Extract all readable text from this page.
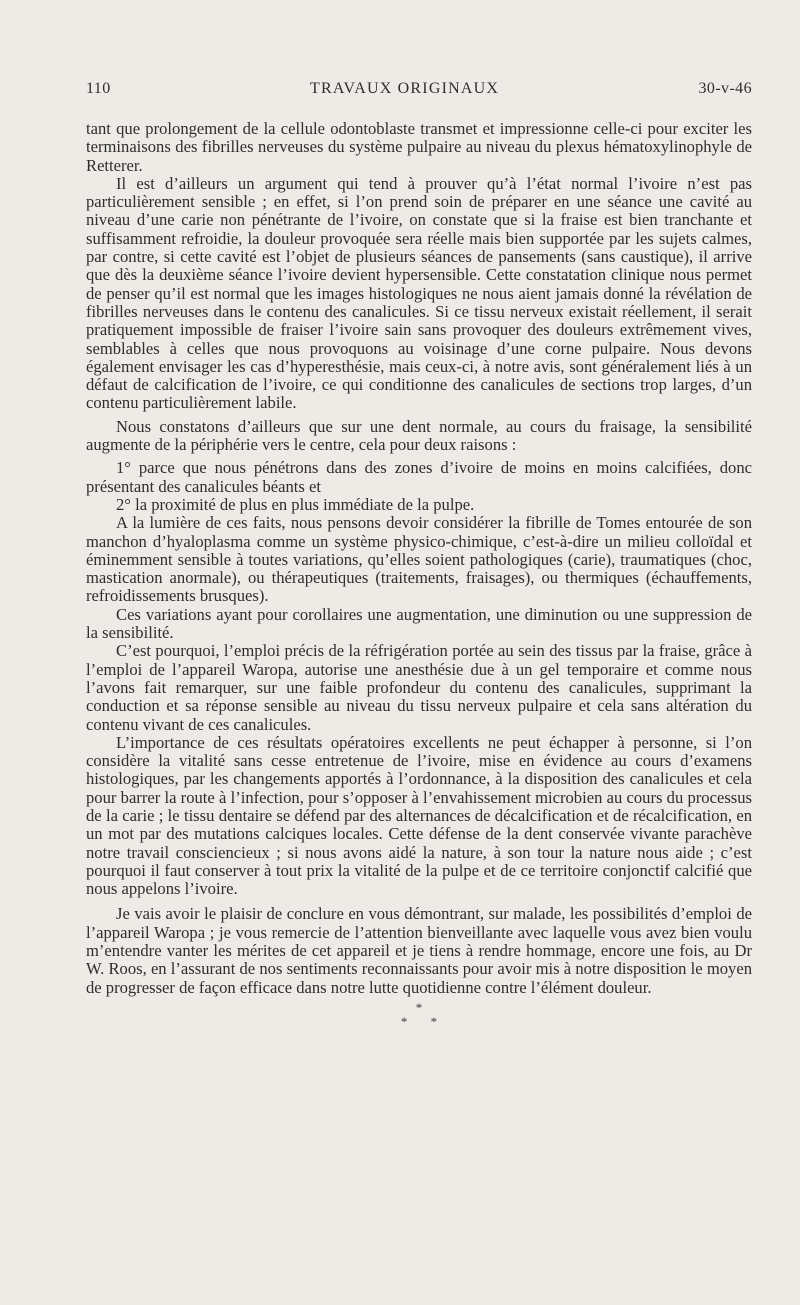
110	TRAVAUX ORIGINAUX	30-v-46

tant que prolongement de la cellule odontoblaste transmet et impressionne celle-ci pour exciter les terminaisons des fibrilles nerveuses du système pulpaire au niveau du plexus hématoxylinophyle de Retterer.

Il est d’ailleurs un argument qui tend à prouver qu’à l’état normal l’ivoire n’est pas particulièrement sensible ; en effet, si l’on prend soin de préparer en une séance une cavité au niveau d’une carie non pénétrante de l’ivoire, on constate que si la fraise est bien tranchante et suffisamment refroidie, la douleur provoquée sera réelle mais bien supportée par les sujets calmes, par contre, si cette cavité est l’objet de plusieurs séances de pansements (sans caustique), il arrive que dès la deuxième séance l’ivoire devient hypersensible. Cette constatation clinique nous permet de penser qu’il est normal que les images histologiques ne nous aient jamais donné la révélation de fibrilles nerveuses dans le contenu des canalicules. Si ce tissu nerveux existait réellement, il serait pratiquement impossible de fraiser l’ivoire sain sans provoquer des douleurs extrêmement vives, semblables à celles que nous provoquons au voisinage d’une corne pulpaire. Nous devons également envisager les cas d’hyperesthésie, mais ceux-ci, à notre avis, sont généralement liés à un défaut de calcification de l’ivoire, ce qui conditionne des canalicules de sections trop larges, d’un contenu particulièrement labile.

Nous constatons d’ailleurs que sur une dent normale, au cours du fraisage, la sensibilité augmente de la périphérie vers le centre, cela pour deux raisons :

1° parce que nous pénétrons dans des zones d’ivoire de moins en moins calcifiées, donc présentant des canalicules béants et

2° la proximité de plus en plus immédiate de la pulpe.

A la lumière de ces faits, nous pensons devoir considérer la fibrille de Tomes entourée de son manchon d’hyaloplasma comme un système physico-chimique, c’est-à-dire un milieu colloïdal et éminemment sensible à toutes variations, qu’elles soient pathologiques (carie), traumatiques (choc, mastication anormale), ou thérapeutiques (traitements, fraisages), ou thermiques (échauffements, refroidissements brusques).

Ces variations ayant pour corollaires une augmentation, une diminution ou une suppression de la sensibilité.

C’est pourquoi, l’emploi précis de la réfrigération portée au sein des tissus par la fraise, grâce à l’emploi de l’appareil Waropa, autorise une anesthésie due à un gel temporaire et comme nous l’avons fait remarquer, sur une faible profondeur du contenu des canalicules, supprimant la conduction et sa réponse sensible au niveau du tissu nerveux pulpaire et cela sans altération du contenu vivant de ces canalicules.

L’importance de ces résultats opératoires excellents ne peut échapper à personne, si l’on considère la vitalité sans cesse entretenue de l’ivoire, mise en évidence au cours d’examens histologiques, par les changements apportés à l’ordonnance, à la disposition des canalicules et cela pour barrer la route à l’infection, pour s’opposer à l’envahissement microbien au cours du processus de la carie ; le tissu dentaire se défend par des alternances de décalcification et de récalcification, en un mot par des mutations calciques locales. Cette défense de la dent conservée vivante parachève notre travail consciencieux ; si nous avons aidé la nature, à son tour la nature nous aide ; c’est pourquoi il faut conserver à tout prix la vitalité de la pulpe et de ce territoire conjonctif calcifié que nous appelons l’ivoire.

Je vais avoir le plaisir de conclure en vous démontrant, sur malade, les possibilités d’emploi de l’appareil Waropa ; je vous remercie de l’attention bienveillante avec laquelle vous avez bien voulu m’entendre vanter les mérites de cet appareil et je tiens à rendre hommage, encore une fois, au Dr W. Roos, en l’assurant de nos sentiments reconnaissants pour avoir mis à notre disposition le moyen de progresser de façon efficace dans notre lutte quotidienne contre l’élément douleur.

*
* *
